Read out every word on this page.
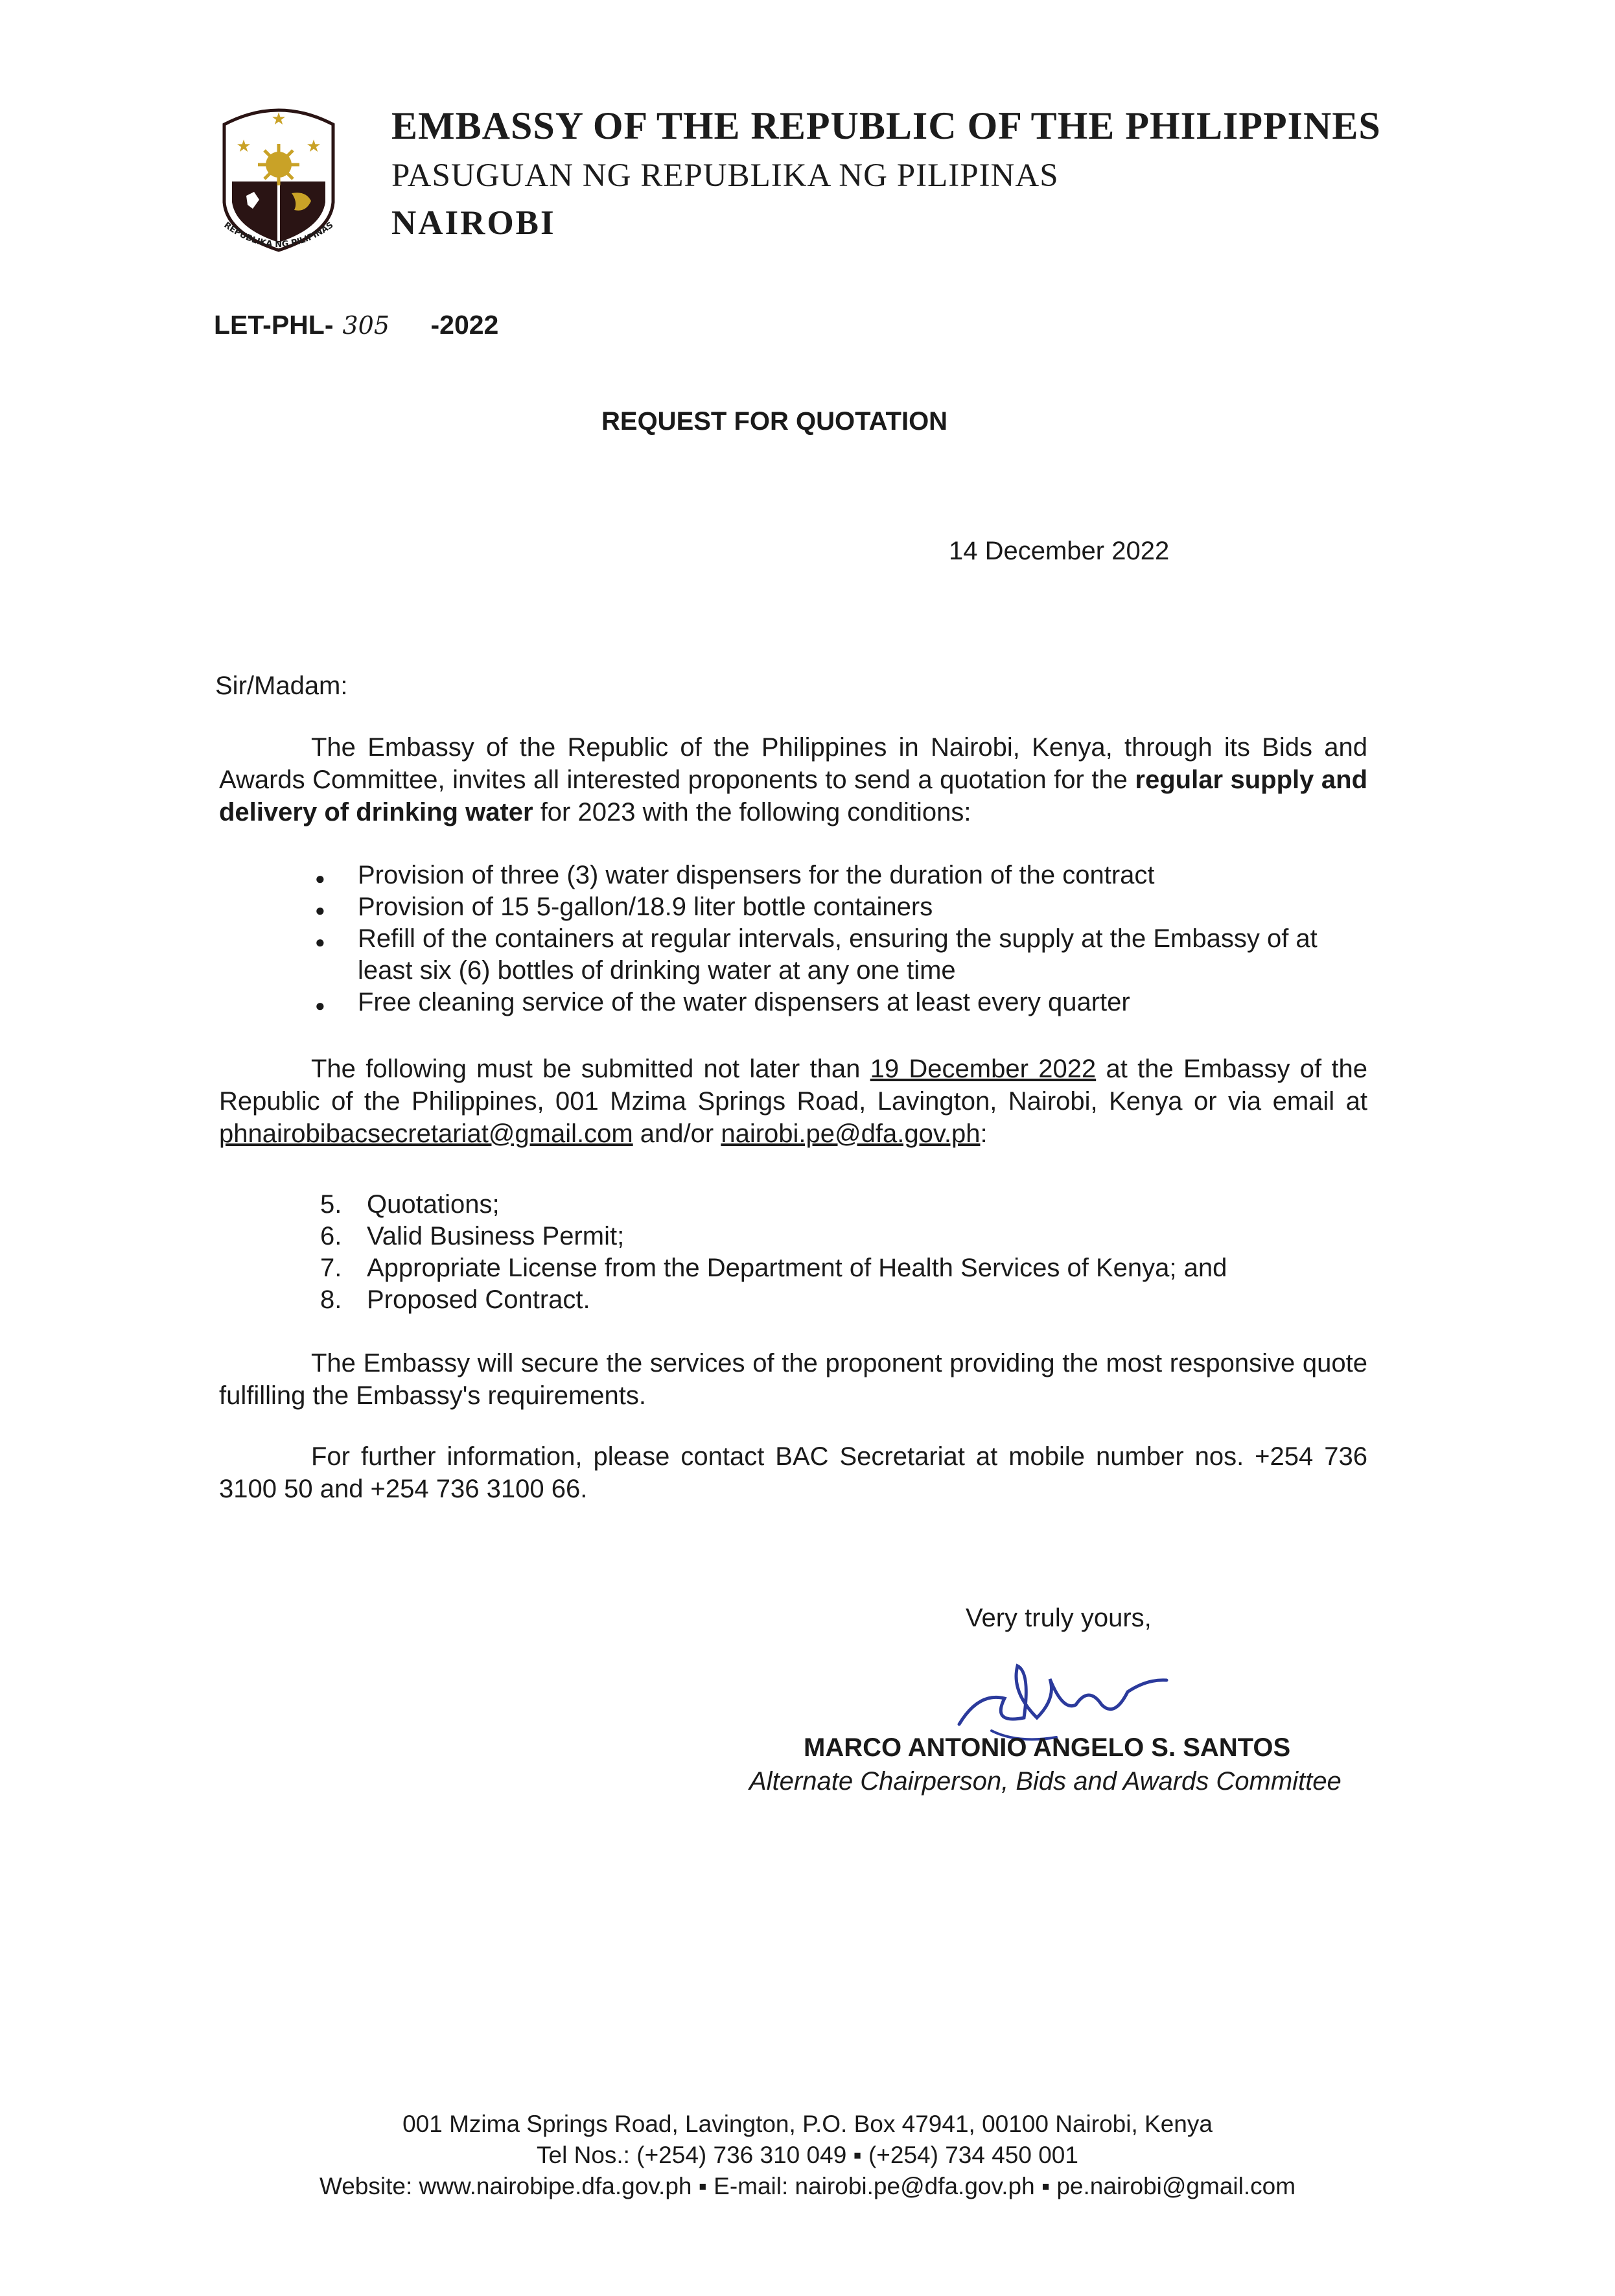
★
★	★
REPUBLIKA NG PILIPINAS
EMBASSY OF THE REPUBLIC OF THE PHILIPPINES
PASUGUAN NG REPUBLIKA NG PILIPINAS
NAIROBI
LET-PHL- 305 -2022
REQUEST FOR QUOTATION
14 December 2022
Sir/Madam:
The Embassy of the Republic of the Philippines in Nairobi, Kenya, through its Bids and Awards Committee, invites all interested proponents to send a quotation for the regular supply and delivery of drinking water for 2023 with the following conditions:
● Provision of three (3) water dispensers for the duration of the contract
● Provision of 15 5-gallon/18.9 liter bottle containers
● Refill of the containers at regular intervals, ensuring the supply at the Embassy of at least six (6) bottles of drinking water at any one time
● Free cleaning service of the water dispensers at least every quarter
The following must be submitted not later than 19 December 2022 at the Embassy of the Republic of the Philippines, 001 Mzima Springs Road, Lavington, Nairobi, Kenya or via email at phnairobibacsecretariat@gmail.com and/or nairobi.pe@dfa.gov.ph:
5. Quotations;
6. Valid Business Permit;
7. Appropriate License from the Department of Health Services of Kenya; and
8. Proposed Contract.
The Embassy will secure the services of the proponent providing the most responsive quote fulfilling the Embassy's requirements.
For further information, please contact BAC Secretariat at mobile number nos. +254 736 3100 50 and +254 736 3100 66.
Very truly yours,
MARCO ANTONIO ANGELO S. SANTOS
Alternate Chairperson, Bids and Awards Committee
001 Mzima Springs Road, Lavington, P.O. Box 47941, 00100 Nairobi, Kenya
Tel Nos.: (+254) 736 310 049 ▪ (+254) 734 450 001
Website: www.nairobipe.dfa.gov.ph ▪ E-mail: nairobi.pe@dfa.gov.ph ▪ pe.nairobi@gmail.com
